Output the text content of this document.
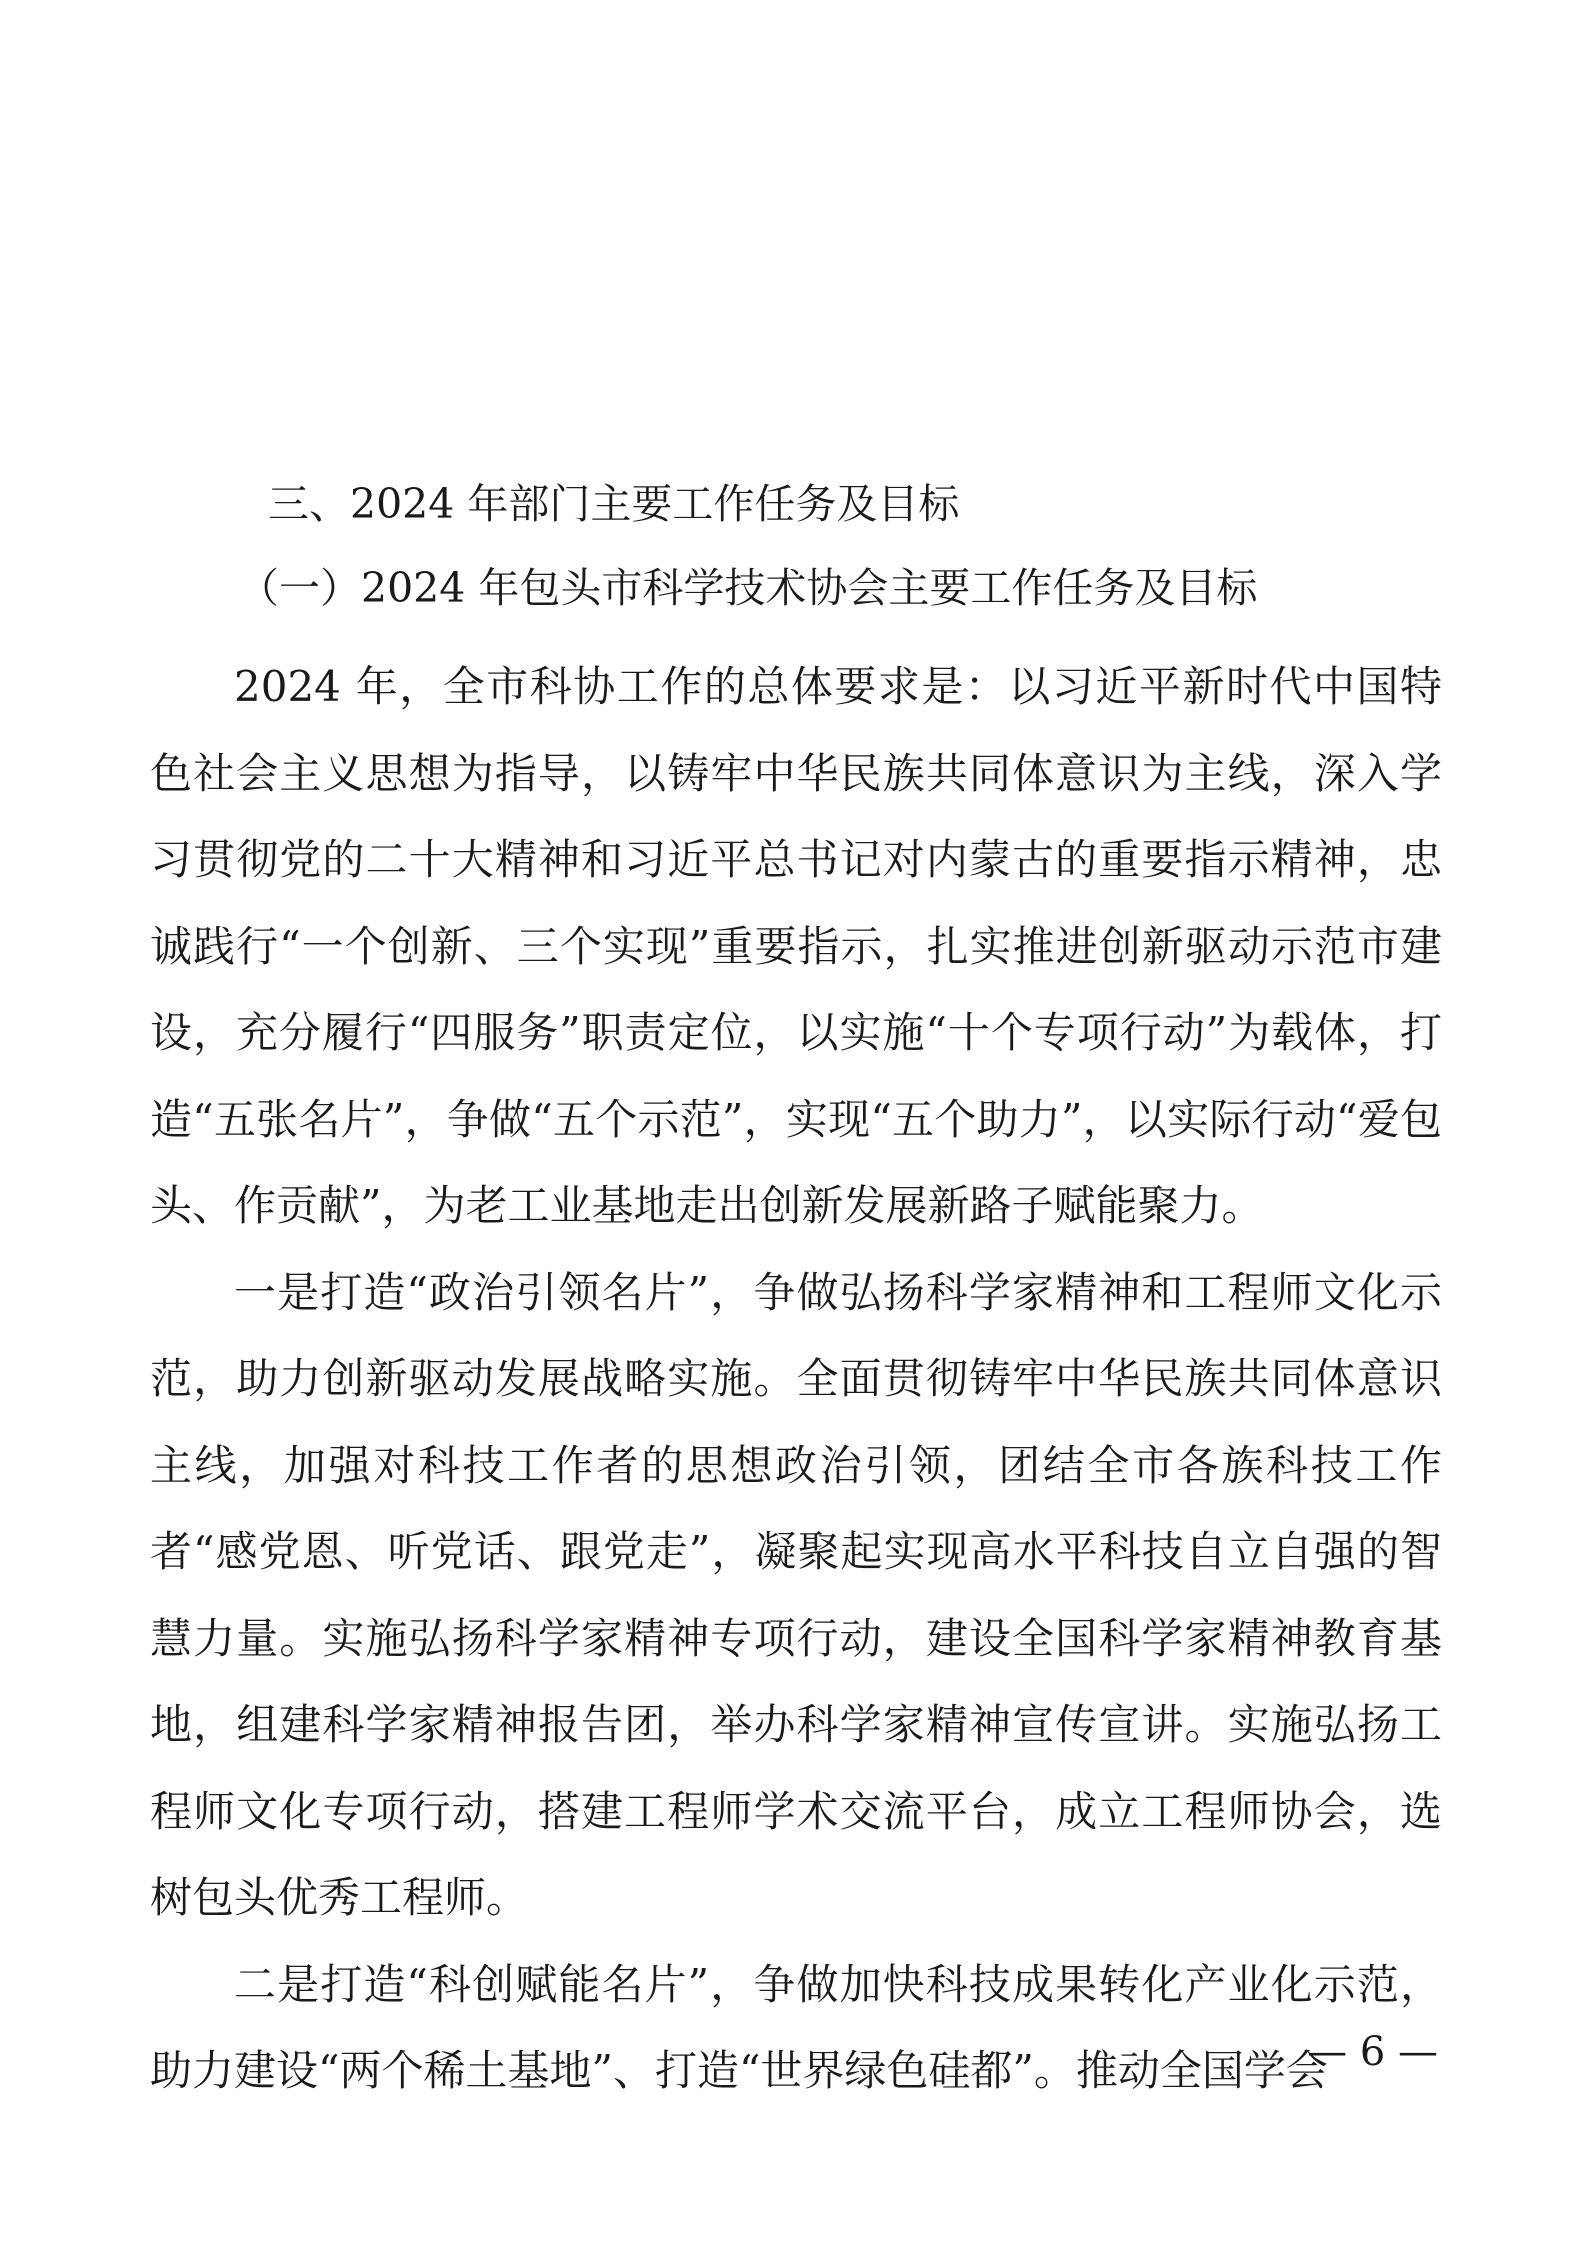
三、2024 年部门主要工作任务及目标
（一）2024 年包头市科学技术协会主要工作任务及目标

2024 年，全市科协工作的总体要求是：以习近平新时代中国特色社会主义思想为指导，以铸牢中华民族共同体意识为主线，深入学习贯彻党的二十大精神和习近平总书记对内蒙古的重要指示精神，忠诚践行“一个创新、三个实现”重要指示，扎实推进创新驱动示范市建设，充分履行“四服务”职责定位，以实施“十个专项行动”为载体，打造“五张名片”，争做“五个示范”，实现“五个助力”，以实际行动“爱包头、作贡献”，为老工业基地走出创新发展新路子赋能聚力。

一是打造“政治引领名片”，争做弘扬科学家精神和工程师文化示范，助力创新驱动发展战略实施。全面贯彻铸牢中华民族共同体意识主线，加强对科技工作者的思想政治引领，团结全市各族科技工作者“感党恩、听党话、跟党走”，凝聚起实现高水平科技自立自强的智慧力量。实施弘扬科学家精神专项行动，建设全国科学家精神教育基地，组建科学家精神报告团，举办科学家精神宣传宣讲。实施弘扬工程师文化专项行动，搭建工程师学术交流平台，成立工程师协会，选树包头优秀工程师。

二是打造“科创赋能名片”，争做加快科技成果转化产业化示范，助力建设“两个稀土基地”、打造“世界绿色硅都”。推动全国学会

— 6 —
